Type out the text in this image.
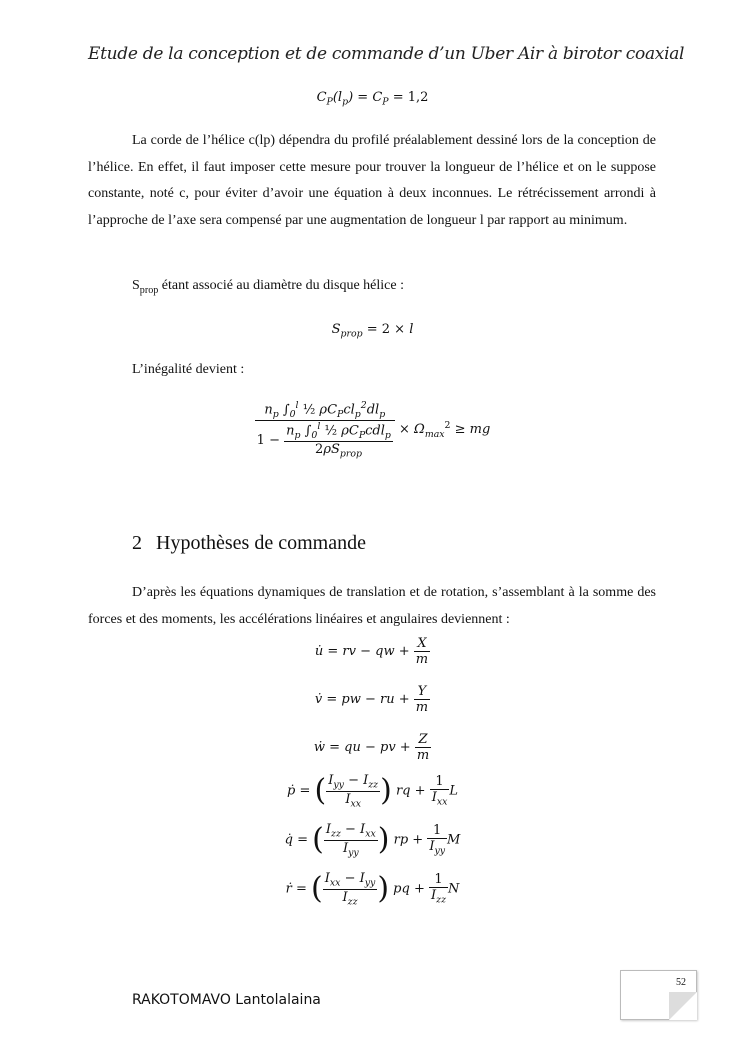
Etude de la conception et de commande d’un Uber Air à birotor coaxial
$C_P(l_p) = C_P = 1,2$
La corde de l’hélice c(lp) dépendra du profilé préalablement dessiné lors de la conception de l’hélice. En effet, il faut imposer cette mesure pour trouver la longueur de l’hélice et on le suppose constante, noté c, pour éviter d’avoir une équation à deux inconnues. Le rétrécissement arrondi à l’approche de l’axe sera compensé par une augmentation de longueur l par rapport au minimum.
$S_{prop}$ étant associé au diamètre du disque hélice :
$S_{prop} = 2 \times l$
L’inégalité devient :
$\frac{n_p \int_0^l \frac{1}{2} \rho C_Pcl_p^2dl_p}{1 - \frac{n_p \int_0^l \frac{1}{2} \rho C_Pcdl_p}{2\rho S_{prop}}} \times \Omega_{max}^2$ ≥ mg
2 Hypothèses de commande
D’après les équations dynamiques de translation et de rotation, s’assemblant à la somme des forces et des moments, les accélérations linéaires et angulaires deviennent :
u̇ = rv − qw + $\frac{X}{m}$
v̇ = pw − ru + $\frac{Y}{m}$
ẇ = qu − pv + $\frac{Z}{m}$
ṗ = ( $\frac{I_{yy} - I_{zz}}{I_{xx}}$ ) rq + $\frac{1}{I_{xx}}$ L
q̇ = ( $\frac{I_{zz} - I_{xx}}{I_{yy}}$ ) rp + $\frac{1}{I_{yy}}$ M
ṙ = ( $\frac{I_{xx} - I_{yy}}{I_{zz}}$ ) pq + $\frac{1}{I_{zz}}$ N
52
RAKOTOMAVO Lantolalaina
